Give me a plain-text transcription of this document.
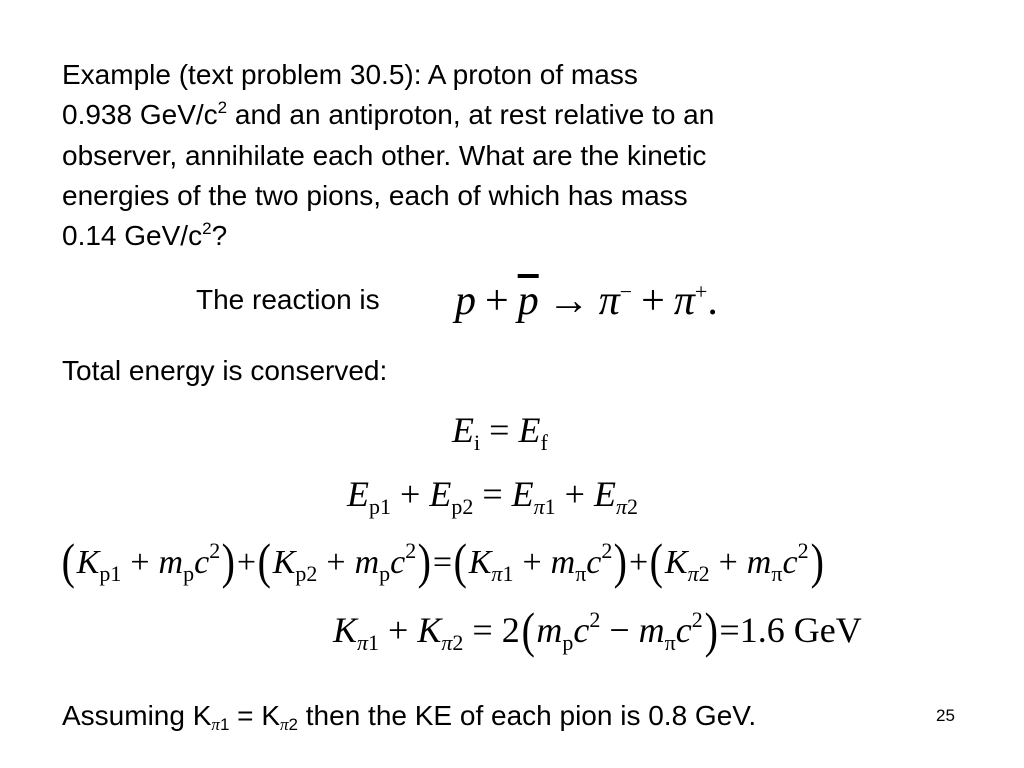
Example (text problem 30.5): A proton of mass
0.938 GeV/$c^2$ and an antiproton, at rest relative to an
observer, annihilate each other. What are the kinetic
energies of the two pions, each of which has mass
0.14 GeV/$c^2$?
The reaction is $p + \overline{p} \to \pi^- + \pi^+$.
Total energy is conserved:
$E_i = E_f$
$E_{p1} + E_{p2} = E_{\pi 1} + E_{\pi 2}$
$(K_{p1} + m_pc^2)+(K_{p2} + m_pc^2)=(K_{\pi 1} + m_\pi c^2)+(K_{\pi 2} + m_\pi c^2)$
$K_{\pi 1} + K_{\pi 2} = 2(m_pc^2 - m_\pi c^2)=1.6$ GeV
Assuming $K_{\pi 1} = K_{\pi 2}$ then the KE of each pion is 0.8 GeV.	25
